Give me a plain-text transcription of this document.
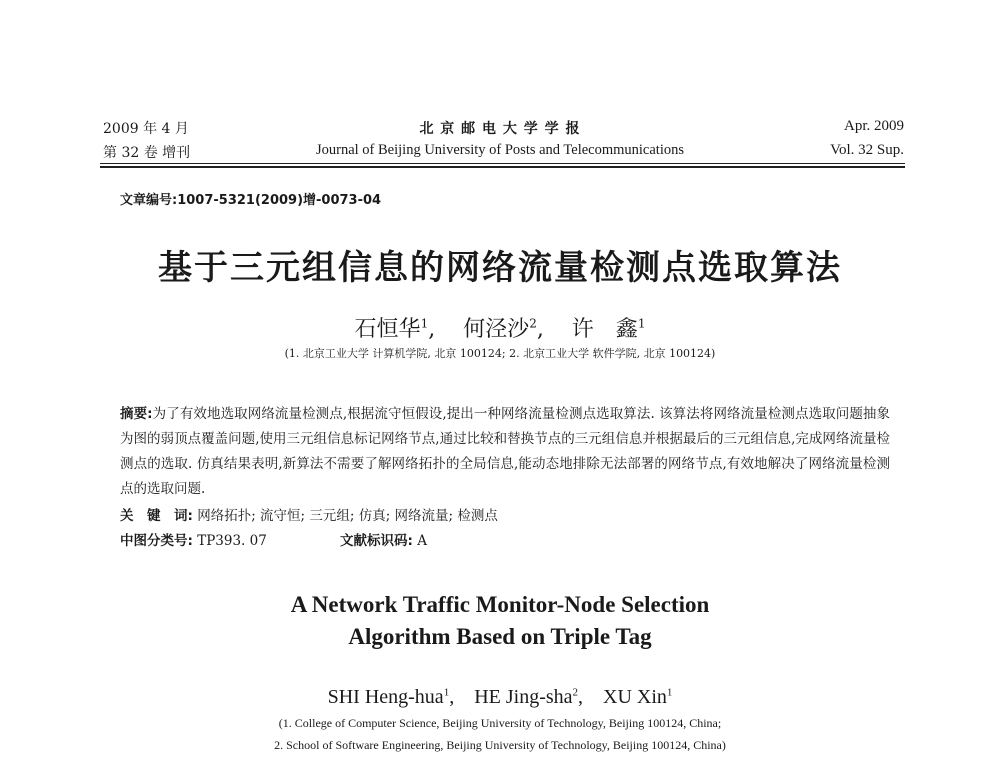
2009 年 4 月
第 32 卷 增刊
北 京 邮 电 大 学 学 报
Journal of Beijing University of Posts and Telecommunications
Apr. 2009
Vol. 32 Sup.
文章编号:1007-5321(2009)增-0073-04
基于三元组信息的网络流量检测点选取算法
石恒华$^1$,    何泾沙$^2$,    许　鑫$^1$
(1. 北京工业大学 计算机学院, 北京 100124; 2. 北京工业大学 软件学院, 北京 100124)
摘要:为了有效地选取网络流量检测点,根据流守恒假设,提出一种网络流量检测点选取算法. 该算法将网络流量检测点选取问题抽象为图的弱顶点覆盖问题,使用三元组信息标记网络节点,通过比较和替换节点的三元组信息并根据最后的三元组信息,完成网络流量检测点的选取. 仿真结果表明,新算法不需要了解网络拓扑的全局信息,能动态地排除无法部署的网络节点,有效地解决了网络流量检测点的选取问题.
关　键　词: 网络拓扑; 流守恒; 三元组; 仿真; 网络流量; 检测点
中图分类号: TP393. 07	文献标识码: A
A Network Traffic Monitor-Node Selection
Algorithm Based on Triple Tag
SHI Heng-hua$^1$,    HE Jing-sha$^2$,    XU Xin$^1$
(1. College of Computer Science, Beijing University of Technology, Beijing 100124, China;
2. School of Software Engineering, Beijing University of Technology, Beijing 100124, China)
